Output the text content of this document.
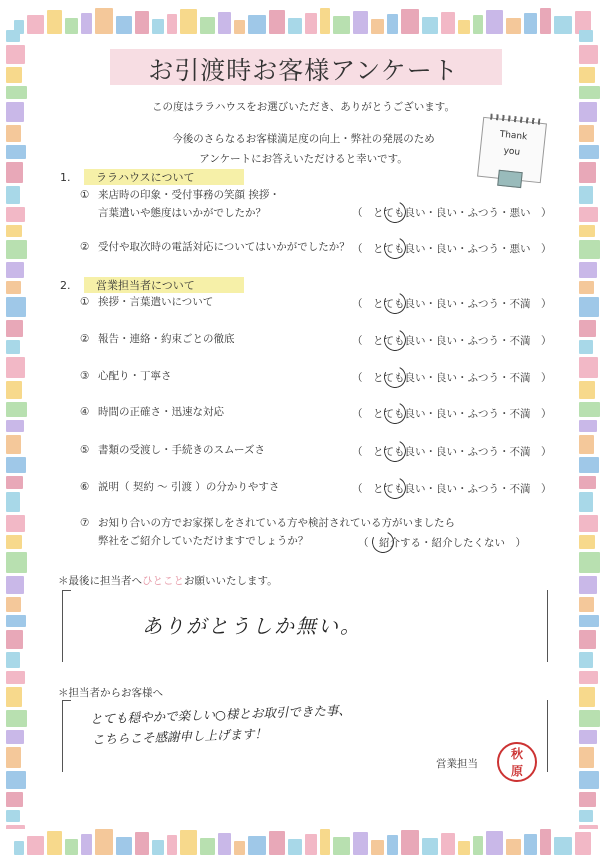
お引渡時お客様アンケート
この度はララハウスをお選びいただき、ありがとうございます。
今後のさらなるお客様満足度の向上・弊社の発展のため
アンケートにお答えいただけると幸いです。
Thank
you
1.	ララハウスについて
① 来店時の印象・受付事務の笑顔 挨拶・
言葉遣いや態度はいかがでしたか？	（　とても良い・良い・ふつう・悪い　）
② 受付や取次時の電話対応についてはいかがでしたか？ （　とても良い・良い・ふつう・悪い　）
2.	営業担当者について
① 挨拶・言葉遣いについて	（　とても良い・良い・ふつう・不満　）
② 報告・連絡・約束ごとの徹底	（　とても良い・良い・ふつう・不満　）
③ 心配り・丁寧さ	（　とても良い・良い・ふつう・不満　）
④ 時間の正確さ・迅速な対応	（　とても良い・良い・ふつう・不満　）
⑤ 書類の受渡し・手続きのスムーズさ	（　とても良い・良い・ふつう・不満　）
⑥ 説明（ 契約 ～ 引渡 ）の分かりやすさ	（　とても良い・良い・ふつう・不満　）
⑦ お知り合いの方でお家探しをされている方や検討されている方がいましたら
弊社をご紹介していただけますでしょうか？	（　紹介する・紹介したくない　）
＊最後に担当者へひとことお願いいたします。
ありがとうしか無い。
＊担当者からお客様へ
とても穏やかで楽しい○様とお取引できた事、
こちらこそ感謝申し上げます！
営業担当
秋
原
